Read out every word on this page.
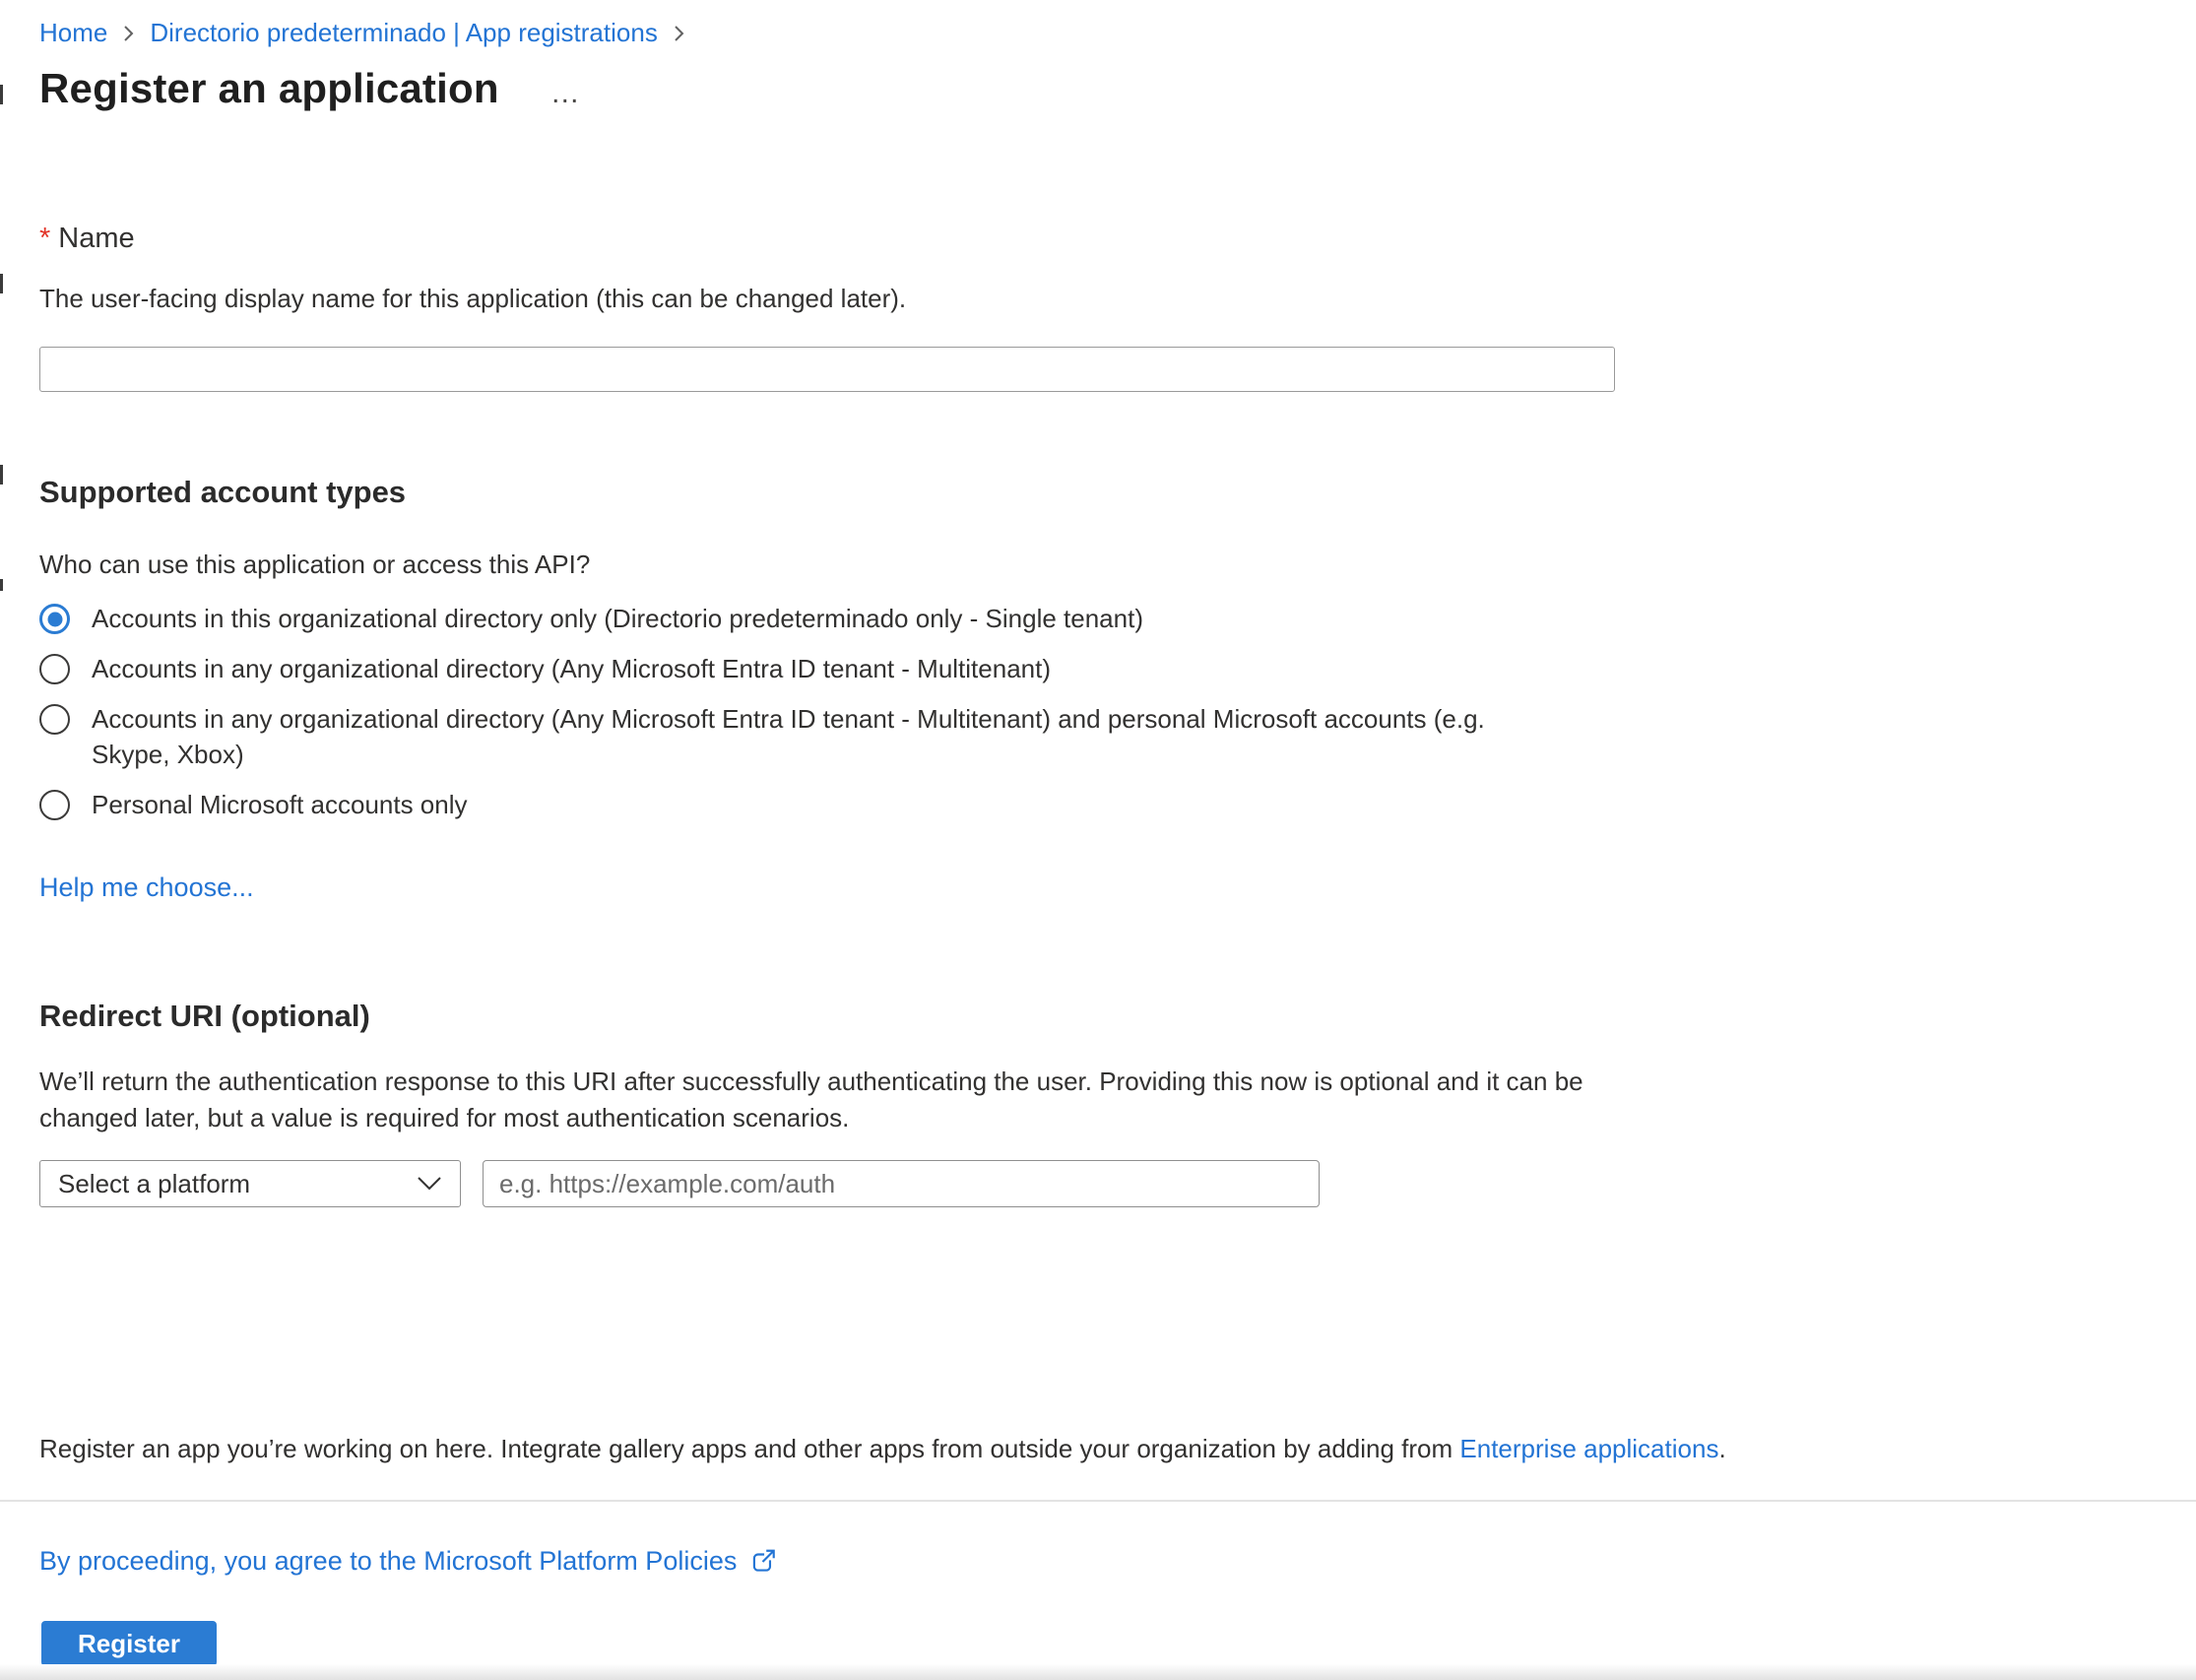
Home Directorio predeterminado | App registrations
Register an application …
* Name
The user-facing display name for this application (this can be changed later).
Supported account types
Who can use this application or access this API?
Accounts in this organizational directory only (Directorio predeterminado only - Single tenant)
Accounts in any organizational directory (Any Microsoft Entra ID tenant - Multitenant)
Accounts in any organizational directory (Any Microsoft Entra ID tenant - Multitenant) and personal Microsoft accounts (e.g. Skype, Xbox)
Personal Microsoft accounts only
Help me choose...
Redirect URI (optional)
We’ll return the authentication response to this URI after successfully authenticating the user. Providing this now is optional and it can be changed later, but a value is required for most authentication scenarios.
Select a platform
e.g. https://example.com/auth
Register an app you’re working on here. Integrate gallery apps and other apps from outside your organization by adding from Enterprise applications.
By proceeding, you agree to the Microsoft Platform Policies
Register
